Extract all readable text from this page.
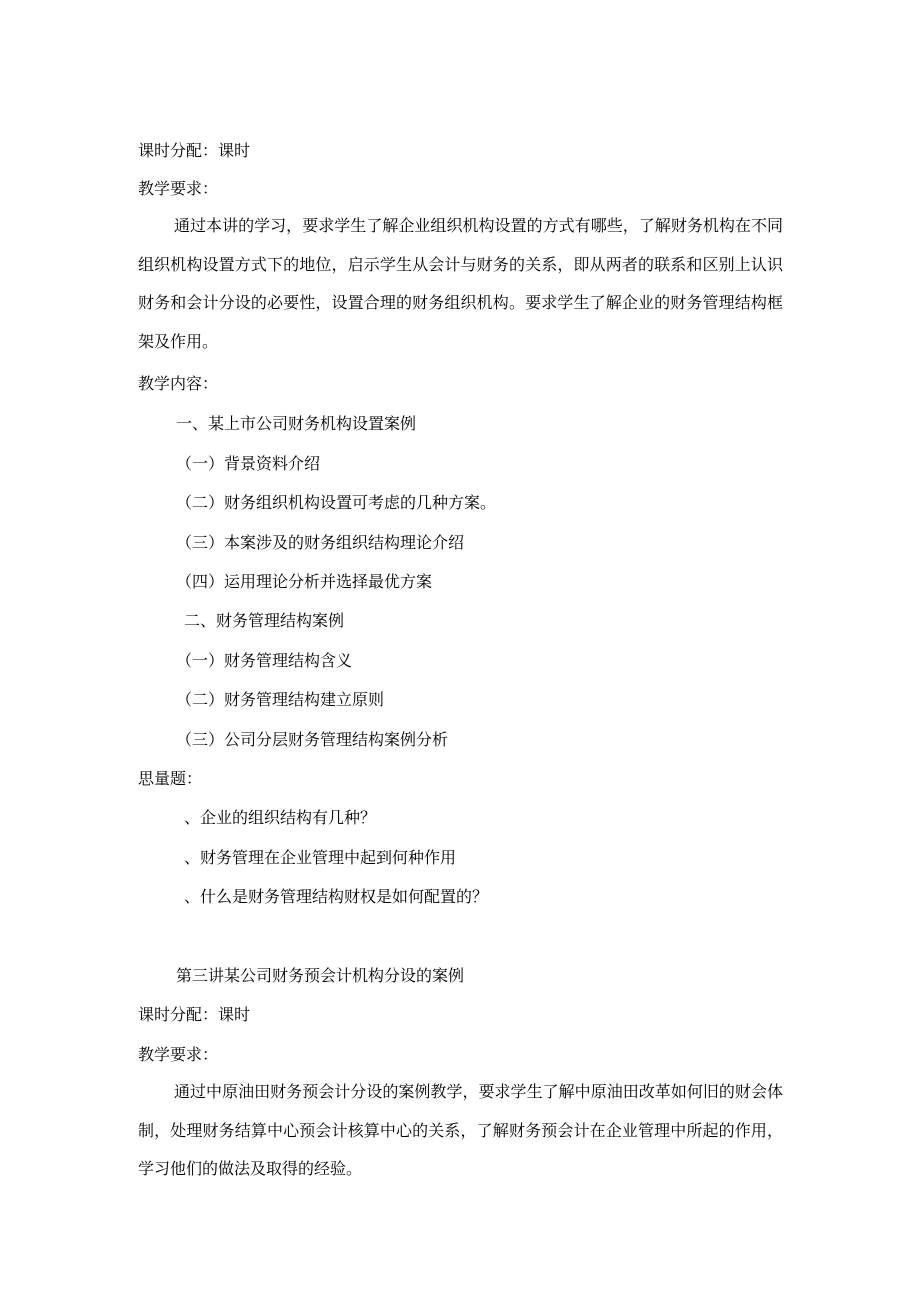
课时分配：课时
教学要求：
通过本讲的学习，要求学生了解企业组织机构设置的方式有哪些，了解财务机构在不同组织机构设置方式下的地位，启示学生从会计与财务的关系，即从两者的联系和区别上认识财务和会计分设的必要性，设置合理的财务组织机构。要求学生了解企业的财务管理结构框架及作用。
教学内容：
一、某上市公司财务机构设置案例
（一）背景资料介绍
（二）财务组织机构设置可考虑的几种方案。
（三）本案涉及的财务组织结构理论介绍
（四）运用理论分析并选择最优方案
二、财务管理结构案例
（一）财务管理结构含义
（二）财务管理结构建立原则
（三）公司分层财务管理结构案例分析
思量题：
、企业的组织结构有几种？
、财务管理在企业管理中起到何种作用
、什么是财务管理结构财权是如何配置的？
第三讲某公司财务预会计机构分设的案例
课时分配：课时
教学要求：
通过中原油田财务预会计分设的案例教学，要求学生了解中原油田改革如何旧的财会体制，处理财务结算中心预会计核算中心的关系，了解财务预会计在企业管理中所起的作用，学习他们的做法及取得的经验。
